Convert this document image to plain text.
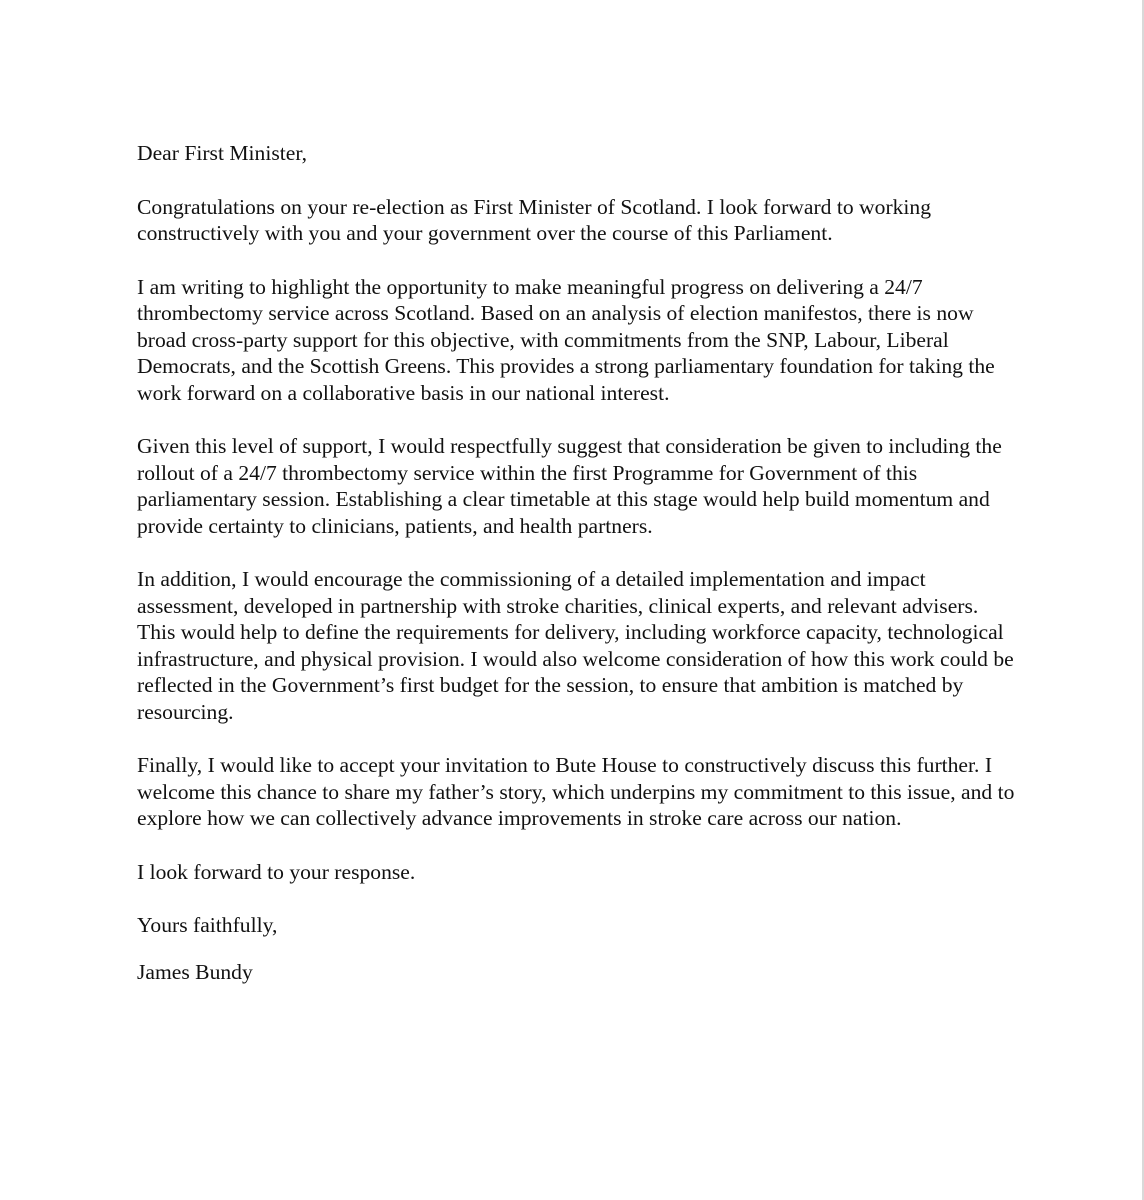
Dear First Minister,

Congratulations on your re-election as First Minister of Scotland. I look forward to working constructively with you and your government over the course of this Parliament.

I am writing to highlight the opportunity to make meaningful progress on delivering a 24/7 thrombectomy service across Scotland. Based on an analysis of election manifestos, there is now broad cross-party support for this objective, with commitments from the SNP, Labour, Liberal Democrats, and the Scottish Greens. This provides a strong parliamentary foundation for taking the work forward on a collaborative basis in our national interest.

Given this level of support, I would respectfully suggest that consideration be given to including the rollout of a 24/7 thrombectomy service within the first Programme for Government of this parliamentary session. Establishing a clear timetable at this stage would help build momentum and provide certainty to clinicians, patients, and health partners.

In addition, I would encourage the commissioning of a detailed implementation and impact assessment, developed in partnership with stroke charities, clinical experts, and relevant advisers. This would help to define the requirements for delivery, including workforce capacity, technological infrastructure, and physical provision. I would also welcome consideration of how this work could be reflected in the Government’s first budget for the session, to ensure that ambition is matched by resourcing.

Finally, I would like to accept your invitation to Bute House to constructively discuss this further. I welcome this chance to share my father’s story, which underpins my commitment to this issue, and to explore how we can collectively advance improvements in stroke care across our nation.

I look forward to your response.

Yours faithfully,

James Bundy
